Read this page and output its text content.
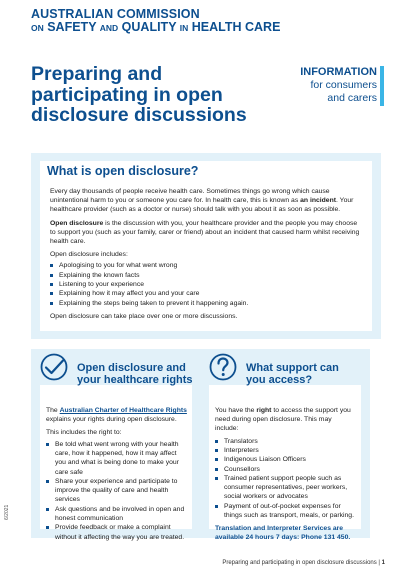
AUSTRALIAN COMMISSION
ON SAFETY AND QUALITY IN HEALTH CARE
Preparing and participating in open disclosure discussions
INFORMATION
for consumers
and carers

Every day thousands of people receive health care. Sometimes things go wrong which cause unintentional harm to you or someone you care for. In health care, this is known as an incident. Your healthcare provider (such as a doctor or nurse) should talk with you about it as soon as possible.

Open disclosure is the discussion with you, your healthcare provider and the people you may choose to support you (such as your family, carer or friend) about an incident that caused harm whilst receiving health care.

Open disclosure includes:

Apologising to you for what went wrong
Explaining the known facts
Listening to your experience
Explaining how it may affect you and your care
Explaining the steps being taken to prevent it happening again.

Open disclosure can take place over one or more discussions.

What is open disclosure?

The Australian Charter of Healthcare Rights explains your rights during open disclosure.

This includes the right to:

Be told what went wrong with your health care, how it happened, how it may affect you and what is being done to make your care safe
Share your experience and participate to improve the quality of care and health services
Ask questions and be involved in open and honest communication
Provide feedback or make a complaint without it affecting the way you are treated.
Open disclosure and
your healthcare rights

You have the right to access the support you need during open disclosure. This may include:

Translators
Interpreters
Indigenous Liaison Officers
Counsellors
Trained patient support people such as consumer representatives, peer workers, social workers or advocates
Payment of out-of-pocket expenses for things such as transport, meals, or parking.

Translation and Interpreter Services are available 24 hours 7 days: Phone 131 450.

What support can
you access?
6/2021
Preparing and participating in open disclosure discussions | 1
